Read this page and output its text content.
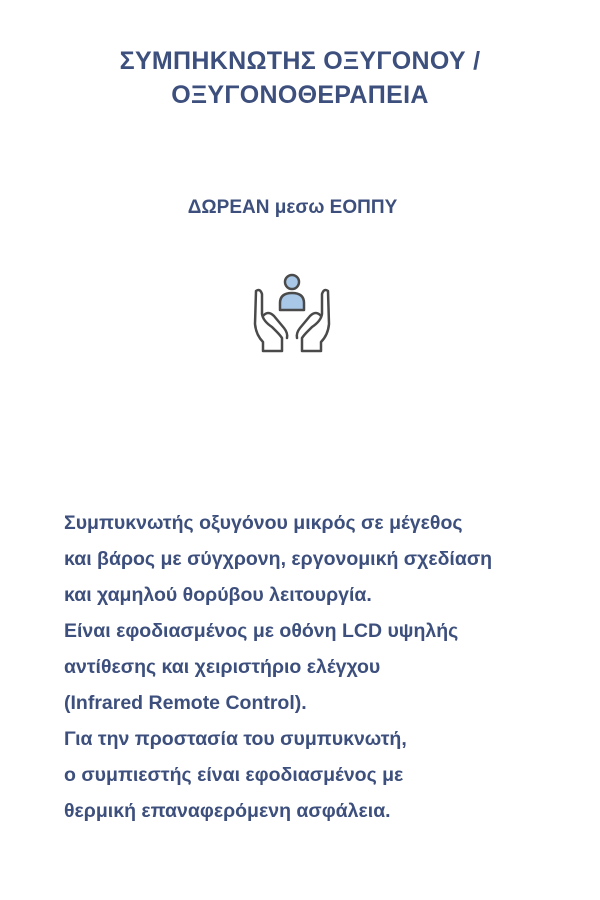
ΣΥΜΠΗΚΝΩΤΗΣ ΟΞΥΓΟΝΟΥ /
ΟΞΥΓΟΝΟΘΕΡΑΠΕΙΑ
ΔΩΡΕΑΝ μεσω ΕΟΠΠΥ
Συμπυκνωτής οξυγόνου μικρός σε μέγεθος
και βάρος με σύγχρονη, εργονομική σχεδίαση
και χαμηλού θορύβου λειτουργία.
Είναι εφοδιασμένος με οθόνη LCD υψηλής
αντίθεσης και χειριστήριο ελέγχου
(Infrared Remote Control).
Για την προστασία του συμπυκνωτή,
ο συμπιεστής είναι εφοδιασμένος με
θερμική επαναφερόμενη ασφάλεια.
